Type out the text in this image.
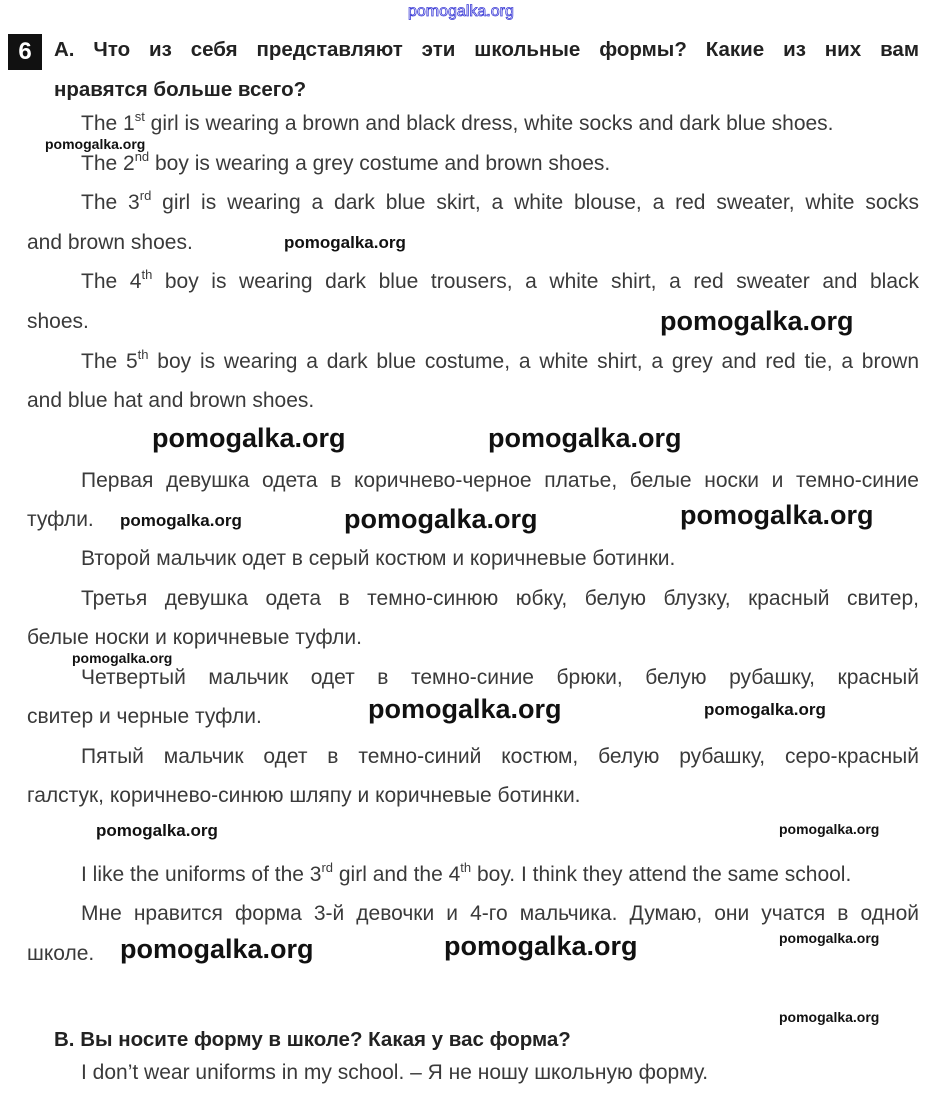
pomogalka.org
6	А. Что из себя представляют эти школьные формы? Какие из них вам
нравятся больше всего?
The 1st girl is wearing a brown and black dress, white socks and dark blue shoes.
The 2nd boy is wearing a grey costume and brown shoes.
The 3rd girl is wearing a dark blue skirt, a white blouse, a red sweater, white socks
and brown shoes.
The 4th boy is wearing dark blue trousers, a white shirt, a red sweater and black
shoes.
The 5th boy is wearing a dark blue costume, a white shirt, a grey and red tie, a brown
and blue hat and brown shoes.
Первая девушка одета в коричнево-черное платье, белые носки и темно-синие
туфли.
Второй мальчик одет в серый костюм и коричневые ботинки.
Третья девушка одета в темно-синюю юбку, белую блузку, красный свитер,
белые носки и коричневые туфли.
Четвертый мальчик одет в темно-синие брюки, белую рубашку, красный
свитер и черные туфли.
Пятый мальчик одет в темно-синий костюм, белую рубашку, серо-красный
галстук, коричнево-синюю шляпу и коричневые ботинки.
I like the uniforms of the 3rd girl and the 4th boy. I think they attend the same school.
Мне нравится форма 3-й девочки и 4-го мальчика. Думаю, они учатся в одной
школе.
B. Вы носите форму в школе? Какая у вас форма?
I don’t wear uniforms in my school. – Я не ношу школьную форму.
pomogalka.org
pomogalka.org
pomogalka.org
pomogalka.org	pomogalka.org
pomogalka.org
pomogalka.org	pomogalka.org
pomogalka.org
pomogalka.org	pomogalka.org
pomogalka.org	pomogalka.org
pomogalka.org	pomogalka.org	pomogalka.org
pomogalka.org
